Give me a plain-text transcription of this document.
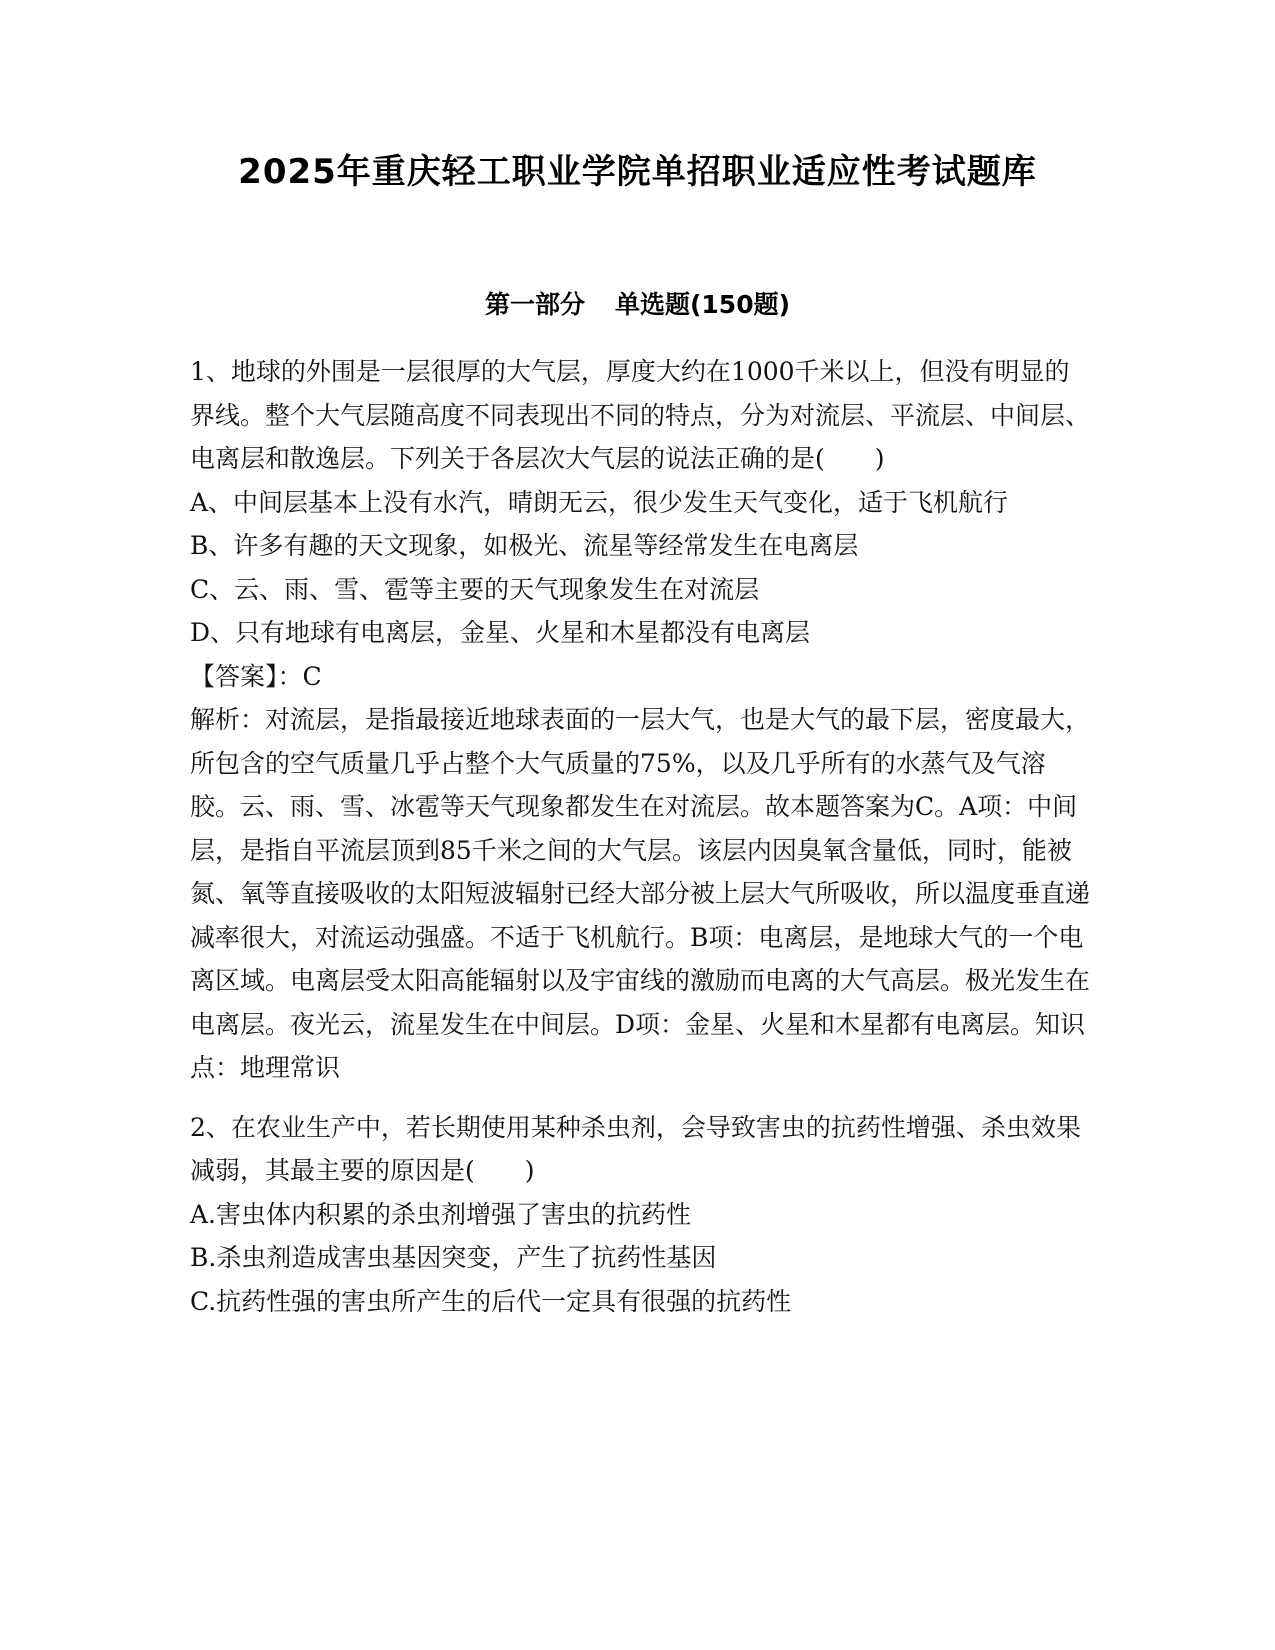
2025年重庆轻工职业学院单招职业适应性考试题库
第一部分 单选题(150题)

1、地球的外围是一层很厚的大气层，厚度大约在1000千米以上，但没有明显的界线。整个大气层随高度不同表现出不同的特点，分为对流层、平流层、中间层、电离层和散逸层。下列关于各层次大气层的说法正确的是(　　)

A、中间层基本上没有水汽，晴朗无云，很少发生天气变化，适于飞机航行

B、许多有趣的天文现象，如极光、流星等经常发生在电离层

C、云、雨、雪、雹等主要的天气现象发生在对流层

D、只有地球有电离层，金星、火星和木星都没有电离层

【答案】：C

解析：对流层，是指最接近地球表面的一层大气，也是大气的最下层，密度最大，所包含的空气质量几乎占整个大气质量的75%，以及几乎所有的水蒸气及气溶胶。云、雨、雪、冰雹等天气现象都发生在对流层。故本题答案为C。A项：中间层，是指自平流层顶到85千米之间的大气层。该层内因臭氧含量低，同时，能被氮、氧等直接吸收的太阳短波辐射已经大部分被上层大气所吸收，所以温度垂直递减率很大，对流运动强盛。不适于飞机航行。B项：电离层，是地球大气的一个电离区域。电离层受太阳高能辐射以及宇宙线的激励而电离的大气高层。极光发生在电离层。夜光云，流星发生在中间层。D项：金星、火星和木星都有电离层。知识点：地理常识

2、在农业生产中，若长期使用某种杀虫剂，会导致害虫的抗药性增强、杀虫效果减弱，其最主要的原因是(　　)

A.害虫体内积累的杀虫剂增强了害虫的抗药性

B.杀虫剂造成害虫基因突变，产生了抗药性基因

C.抗药性强的害虫所产生的后代一定具有很强的抗药性
